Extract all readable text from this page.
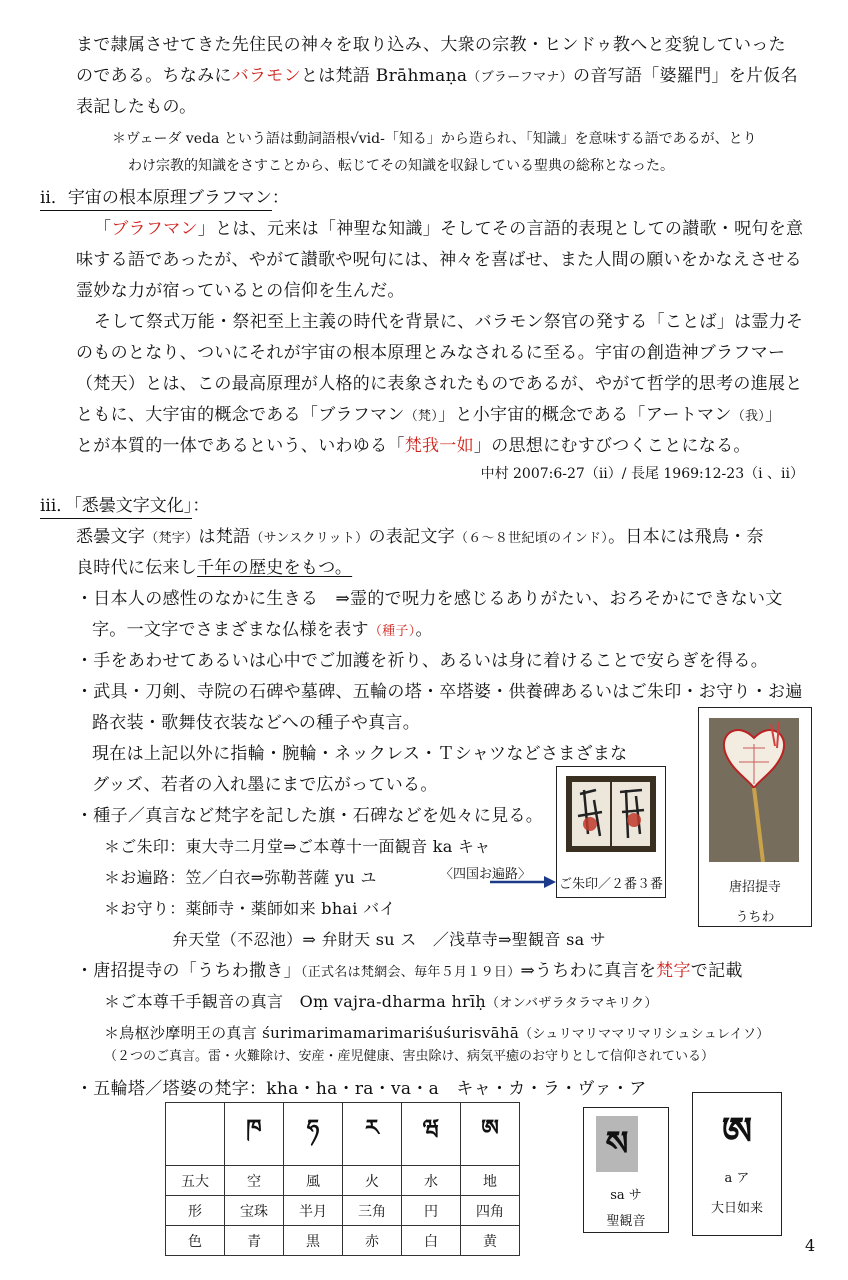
まで隷属させてきた先住民の神々を取り込み、大衆の宗教・ヒンドゥ教へと変貌していった
のである。ちなみにバラモンとは梵語 Brāhmaṇa（ブラーフマナ）の音写語「婆羅門」を片仮名
表記したもの。
＊ヴェーダ veda という語は動詞語根√vid-「知る」から造られ、「知識」を意味する語であるが、とり
わけ宗教的知識をさすことから、転じてその知識を収録している聖典の総称となった。
ii．宇宙の根本原理ブラフマン：
「ブラフマン」とは、元来は「神聖な知識」そしてその言語的表現としての讃歌・呪句を意
味する語であったが、やがて讃歌や呪句には、神々を喜ばせ、また人間の願いをかなえさせる
霊妙な力が宿っているとの信仰を生んだ。
そして祭式万能・祭祀至上主義の時代を背景に、バラモン祭官の発する「ことば」は霊力そ
のものとなり、ついにそれが宇宙の根本原理とみなされるに至る。宇宙の創造神ブラフマー
（梵天）とは、この最高原理が人格的に表象されたものであるが、やがて哲学的思考の進展と
ともに、大宇宙的概念である「ブラフマン（梵）」と小宇宙的概念である「アートマン（我）」
とが本質的一体であるという、いわゆる「梵我一如」の思想にむすびつくことになる。
中村 2007:6-27（ii）/ 長尾 1969:12-23（i 、ii）
iii．「悉曇文字文化」：
悉曇文字（梵字）は梵語（サンスクリット）の表記文字（６～８世紀頃のインド）。日本には飛鳥・奈
良時代に伝来し千年の歴史をもつ。
・日本人の感性のなかに生きる　⇒霊的で呪力を感じるありがたい、おろそかにできない文
字。一文字でさまざまな仏様を表す（種子）。
・手をあわせてあるいは心中でご加護を祈り、あるいは身に着けることで安らぎを得る。
・武具・刀剣、寺院の石碑や墓碑、五輪の塔・卒塔婆・供養碑あるいはご朱印・お守り・お遍
路衣装・歌舞伎衣装などへの種子や真言。
現在は上記以外に指輪・腕輪・ネックレス・Ｔシャツなどさまざまな
グッズ、若者の入れ墨にまで広がっている。
・種子／真言など梵字を記した旗・石碑などを処々に見る。
＊ご朱印：東大寺二月堂⇒ご本尊十一面観音 ka キャ
＊お遍路：笠／白衣⇒弥勒菩薩 yu ユ	〈四国お遍路〉
＊お守り：薬師寺・薬師如来 bhai バイ
弁天堂（不忍池）⇒ 弁財天 su ス　／浅草寺⇒聖観音 sa サ
・唐招提寺の「うちわ撒き」（正式名は梵網会、毎年５月１９日）⇒うちわに真言を梵字で記載
＊ご本尊千手観音の真言　Oṃ vajra-dharma hrīḥ（オンバザラタラマキリク）
＊鳥枢沙摩明王の真言 śurimarimamarimariśuśurisvāhā（シュリマリママリマリシュシュレイソ）
（２つのご真言。雷・火難除け、安産・産児健康、害虫除け、病気平癒のお守りとして信仰されている）
・五輪塔／塔婆の梵字：kha・ha・ra・va・a　キャ・カ・ラ・ヴァ・ア
ご朱印／２番３番	唐招提寺
うちわ
	ཁ	ཧ	ར	ཝ	ཨ
五大	空	風	火	水	地
形	宝珠	半月	三角	円	四角
色	青	黒	赤	白	黄
ས
sa サ
聖観音
ཨ
a ア
大日如来
4
